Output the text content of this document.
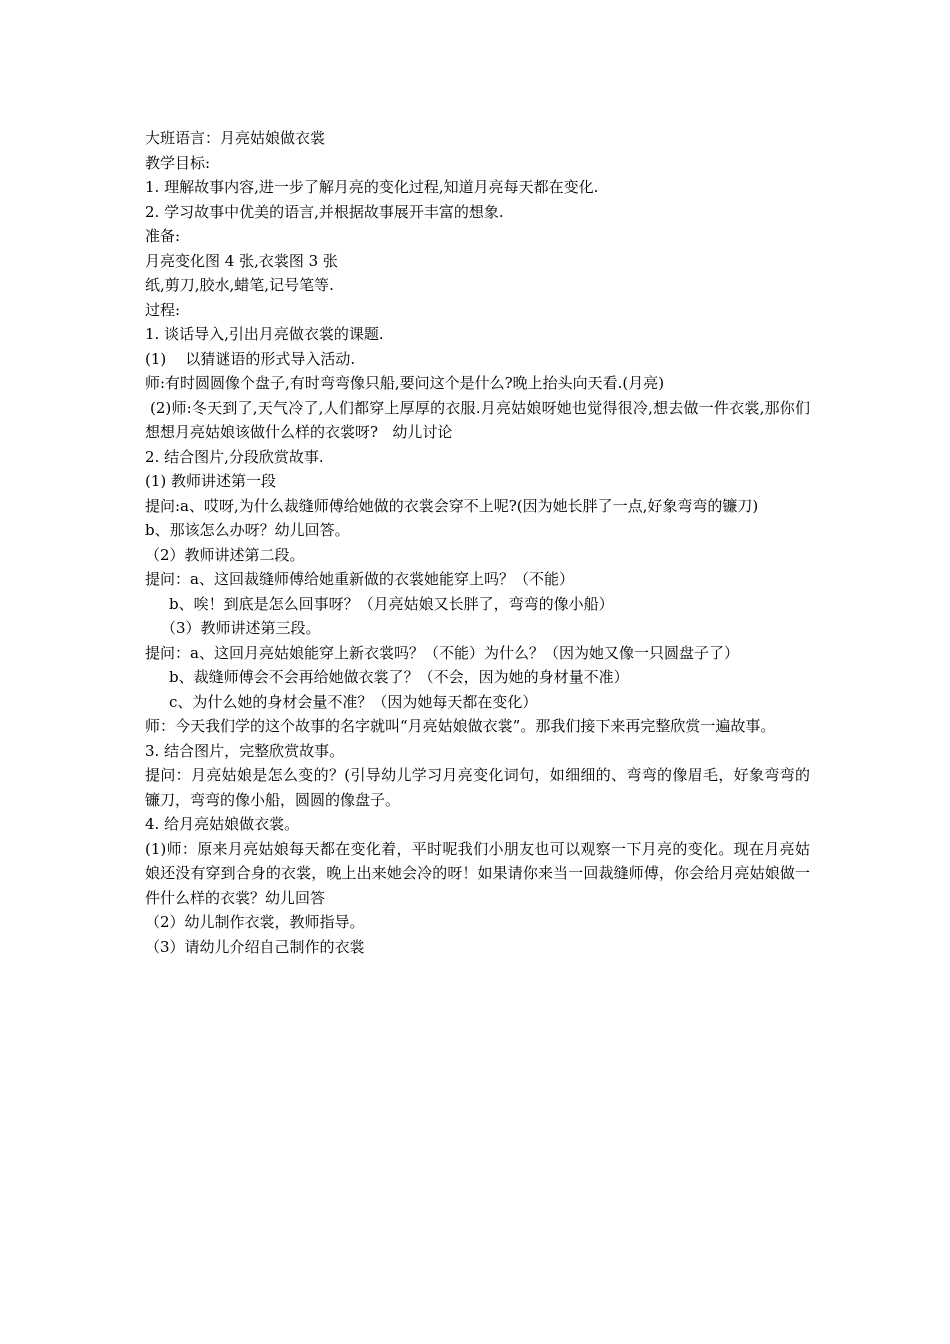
大班语言：月亮姑娘做衣裳

教学目标:

1. 理解故事内容,进一步了解月亮的变化过程,知道月亮每天都在变化.

2. 学习故事中优美的语言,并根据故事展开丰富的想象.

准备:

月亮变化图 4 张,衣裳图 3 张

纸,剪刀,胶水,蜡笔,记号笔等.

过程:

1. 谈话导入,引出月亮做衣裳的课题.

(1)    以猜谜语的形式导入活动.

师:有时圆圆像个盘子,有时弯弯像只船,要问这个是什么?晚上抬头向天看.(月亮)

(2)师:冬天到了,天气冷了,人们都穿上厚厚的衣服.月亮姑娘呀她也觉得很冷,想去做一件衣裳,那你们想想月亮姑娘该做什么样的衣裳呀?   幼儿讨论

2. 结合图片,分段欣赏故事.

(1) 教师讲述第一段

提问:a、哎呀,为什么裁缝师傅给她做的衣裳会穿不上呢?(因为她长胖了一点,好象弯弯的镰刀)

b、那该怎么办呀？幼儿回答。

（2）教师讲述第二段。

提问：a、这回裁缝师傅给她重新做的衣裳她能穿上吗？（不能）

b、唉！到底是怎么回事呀？（月亮姑娘又长胖了，弯弯的像小船）

（3）教师讲述第三段。

提问：a、这回月亮姑娘能穿上新衣裳吗？（不能）为什么？（因为她又像一只圆盘子了）

b、裁缝师傅会不会再给她做衣裳了？（不会，因为她的身材量不准）

c、为什么她的身材会量不准？（因为她每天都在变化）

师：今天我们学的这个故事的名字就叫“月亮姑娘做衣裳”。那我们接下来再完整欣赏一遍故事。

3. 结合图片，完整欣赏故事。

提问：月亮姑娘是怎么变的？(引导幼儿学习月亮变化词句，如细细的、弯弯的像眉毛，好象弯弯的镰刀，弯弯的像小船，圆圆的像盘子。

4. 给月亮姑娘做衣裳。

(1)师：原来月亮姑娘每天都在变化着，平时呢我们小朋友也可以观察一下月亮的变化。现在月亮姑娘还没有穿到合身的衣裳，晚上出来她会冷的呀！如果请你来当一回裁缝师傅，你会给月亮姑娘做一件什么样的衣裳？幼儿回答

（2）幼儿制作衣裳，教师指导。

（3）请幼儿介绍自己制作的衣裳
